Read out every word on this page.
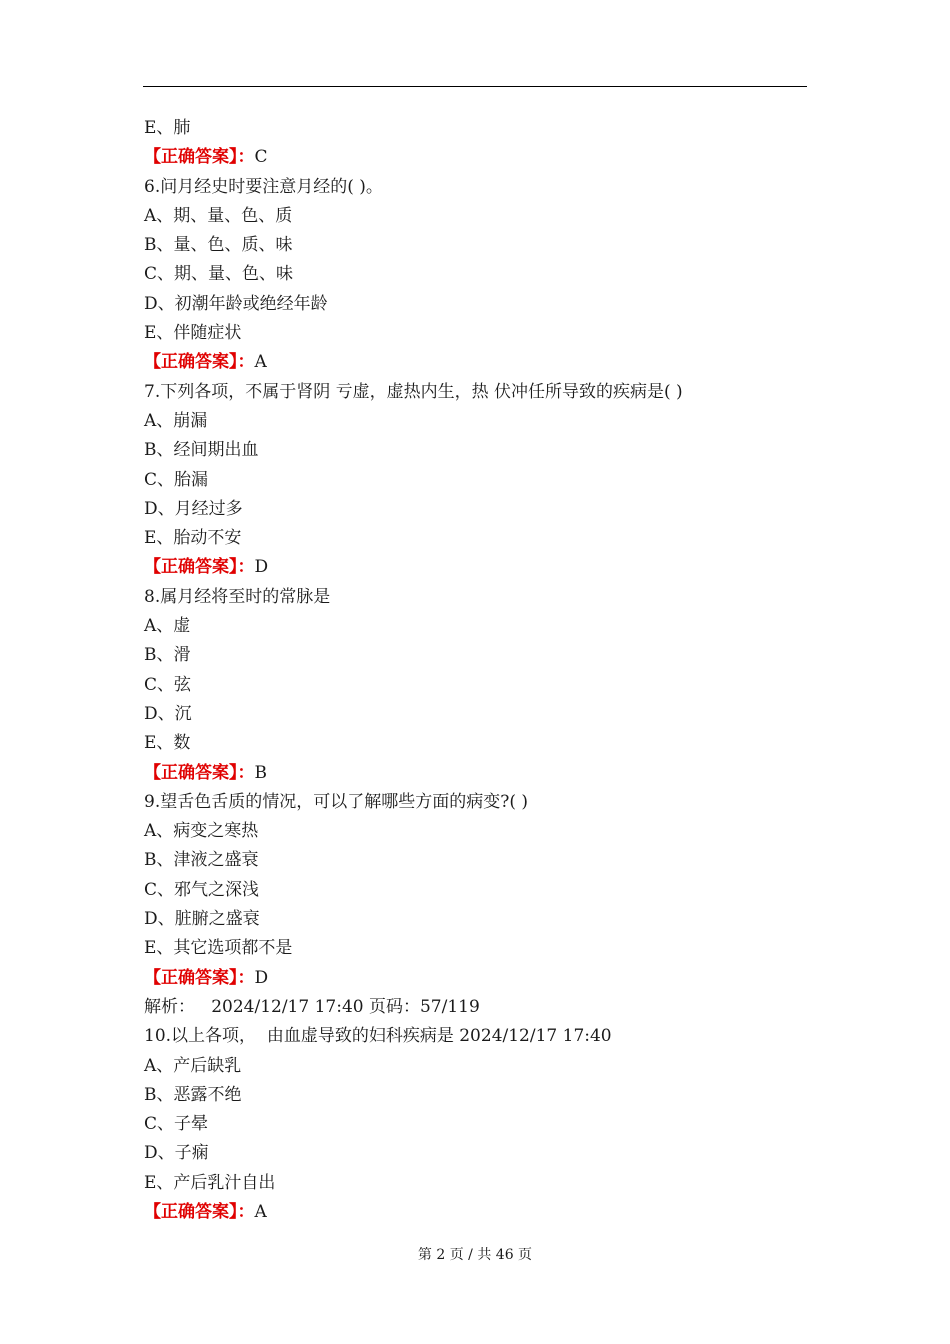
E、肺
【正确答案】：C
6.问月经史时要注意月经的( )。
A、期、量、色、质
B、量、色、质、味
C、期、量、色、味
D、初潮年龄或绝经年龄
E、伴随症状
【正确答案】：A
7.下列各项，不属于肾阴 亏虚，虚热内生，热 伏冲任所导致的疾病是( )
A、崩漏
B、经间期出血
C、胎漏
D、月经过多
E、胎动不安
【正确答案】：D
8.属月经将至时的常脉是
A、虚
B、滑
C、弦
D、沉
E、数
【正确答案】：B
9.望舌色舌质的情况，可以了解哪些方面的病变?( )
A、病变之寒热
B、津液之盛衰
C、邪气之深浅
D、脏腑之盛衰
E、其它选项都不是
【正确答案】：D
解析：   2024/12/17 17:40 页码：57/119
10.以上各项，  由血虚导致的妇科疾病是 2024/12/17 17:40
A、产后缺乳
B、恶露不绝
C、子晕
D、子痫
E、产后乳汁自出
【正确答案】：A
第 2 页 / 共 46 页
